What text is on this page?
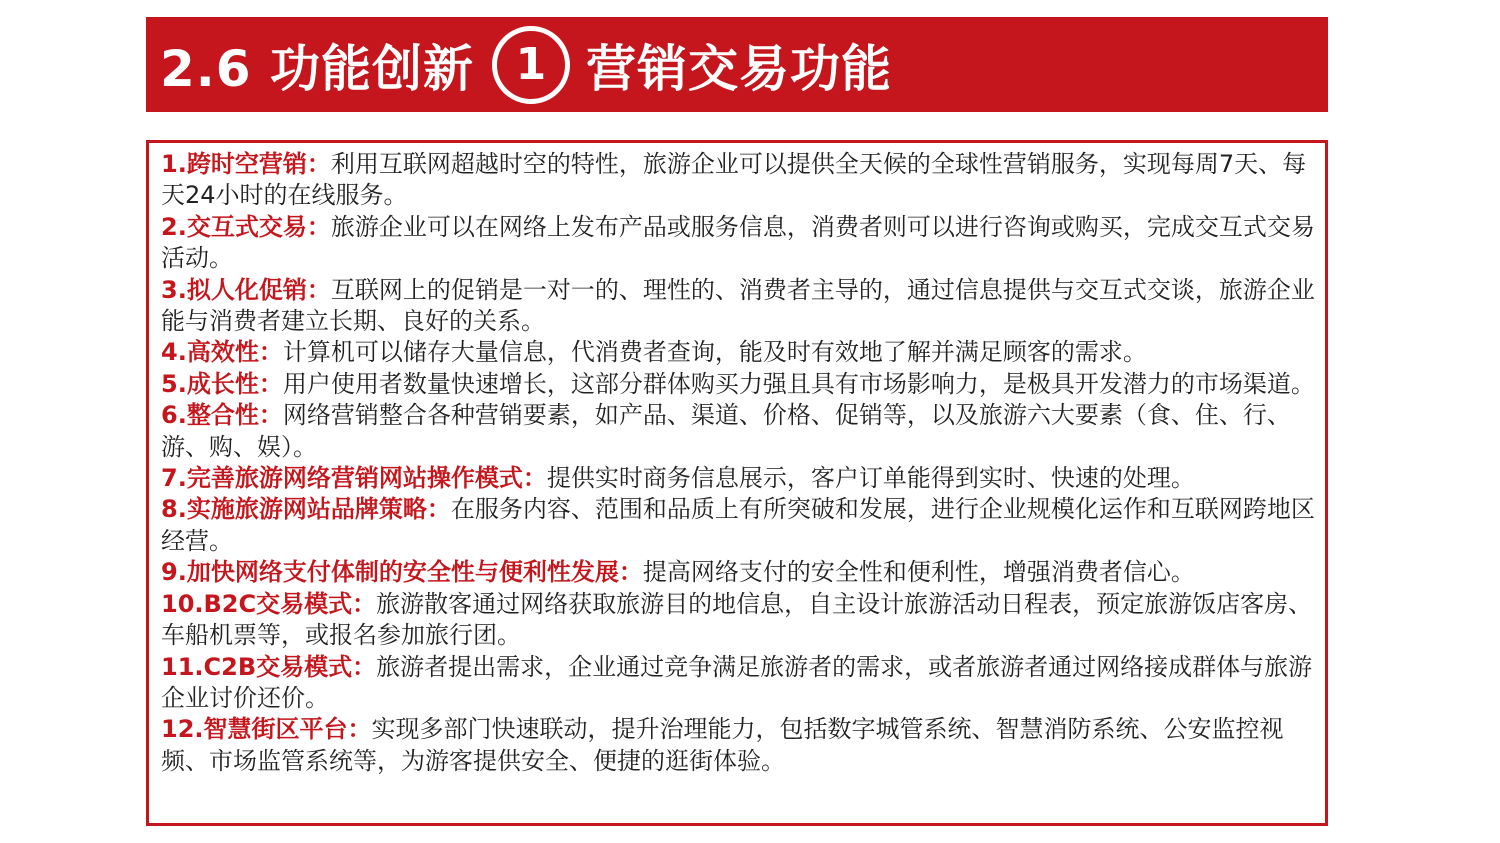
2.6 功能创新 1 营销交易功能

1.跨时空营销：利用互联网超越时空的特性，旅游企业可以提供全天候的全球性营销服务，实现每周7天、每天24小时的在线服务。

2.交互式交易：旅游企业可以在网络上发布产品或服务信息，消费者则可以进行咨询或购买，完成交互式交易活动。

3.拟人化促销：互联网上的促销是一对一的、理性的、消费者主导的，通过信息提供与交互式交谈，旅游企业能与消费者建立长期、良好的关系。

4.高效性：计算机可以储存大量信息，代消费者查询，能及时有效地了解并满足顾客的需求。

5.成长性：用户使用者数量快速增长，这部分群体购买力强且具有市场影响力，是极具开发潜力的市场渠道。

6.整合性：网络营销整合各种营销要素，如产品、渠道、价格、促销等，以及旅游六大要素（食、住、行、游、购、娱）。

7.完善旅游网络营销网站操作模式：提供实时商务信息展示，客户订单能得到实时、快速的处理。

8.实施旅游网站品牌策略：在服务内容、范围和品质上有所突破和发展，进行企业规模化运作和互联网跨地区经营。

9.加快网络支付体制的安全性与便利性发展：提高网络支付的安全性和便利性，增强消费者信心。

10.B2C交易模式：旅游散客通过网络获取旅游目的地信息，自主设计旅游活动日程表，预定旅游饭店客房、车船机票等，或报名参加旅行团。

11.C2B交易模式：旅游者提出需求，企业通过竞争满足旅游者的需求，或者旅游者通过网络接成群体与旅游企业讨价还价。

12.智慧街区平台：实现多部门快速联动，提升治理能力，包括数字城管系统、智慧消防系统、公安监控视频、市场监管系统等，为游客提供安全、便捷的逛街体验。
